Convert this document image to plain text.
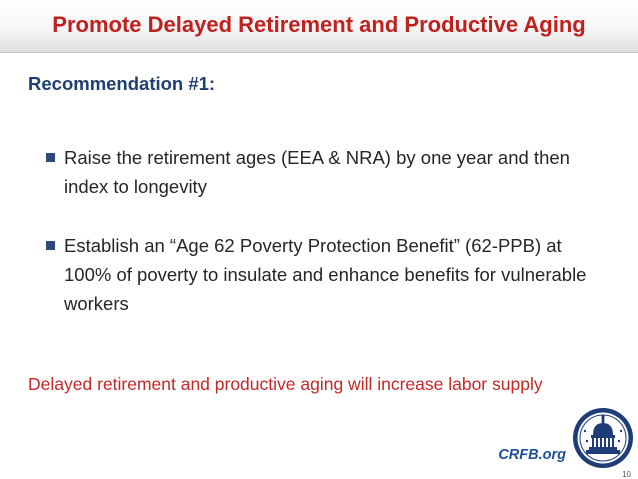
Promote Delayed Retirement and Productive Aging
Recommendation #1:
Raise the retirement ages (EEA & NRA) by one year and then index to longevity
Establish an “Age 62 Poverty Protection Benefit” (62-PPB) at 100% of poverty to insulate and enhance benefits for vulnerable workers
Delayed retirement and productive aging will increase labor supply
CRFB.org
10
